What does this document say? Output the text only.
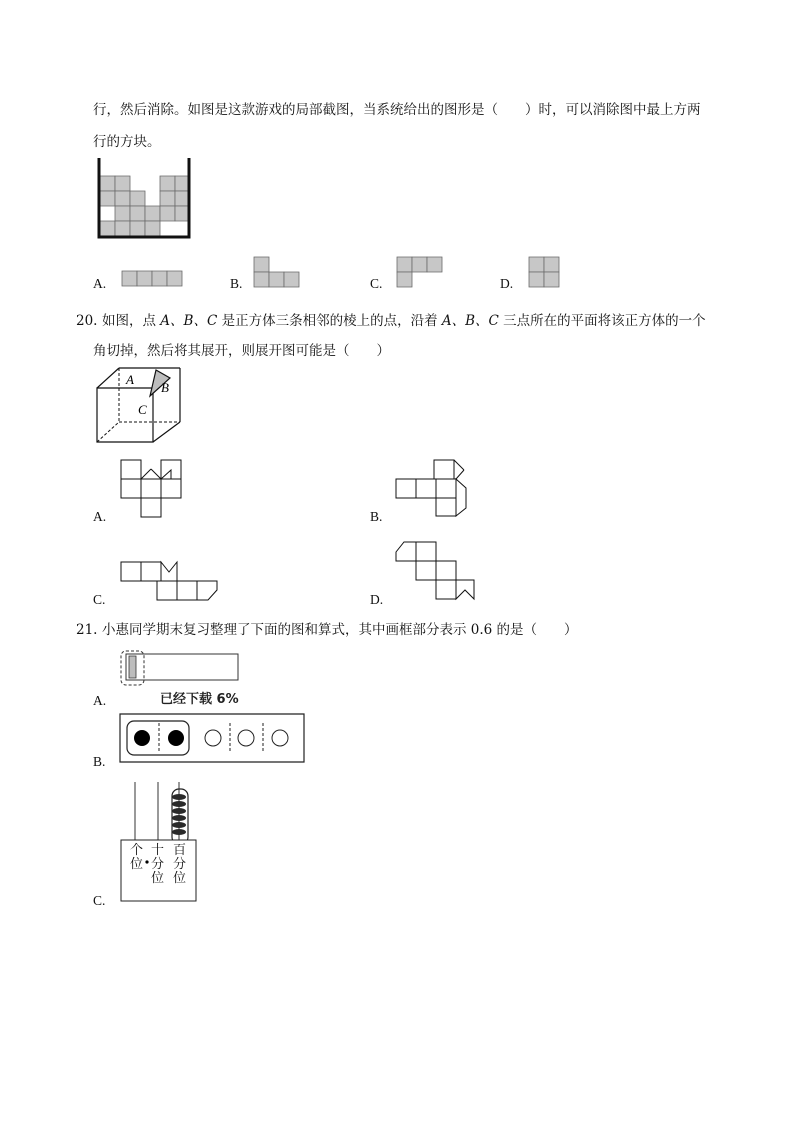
行，然后消除。如图是这款游戏的局部截图，当系统给出的图形是（　　）时，可以消除图中最上方两
行的方块。
A.	B.	C.	D.
20. 如图，点 A、B、C 是正方体三条相邻的棱上的点，沿着 A、B、C 三点所在的平面将该正方体的一个
角切掉，然后将其展开，则展开图可能是（　　）
A
B
C
A.	B.
C.	D.
21. 小惠同学期末复习整理了下面的图和算式，其中画框部分表示 0.6 的是（　　）
A.	已经下载 6%
B.
C.
个位
十分位
百分位
